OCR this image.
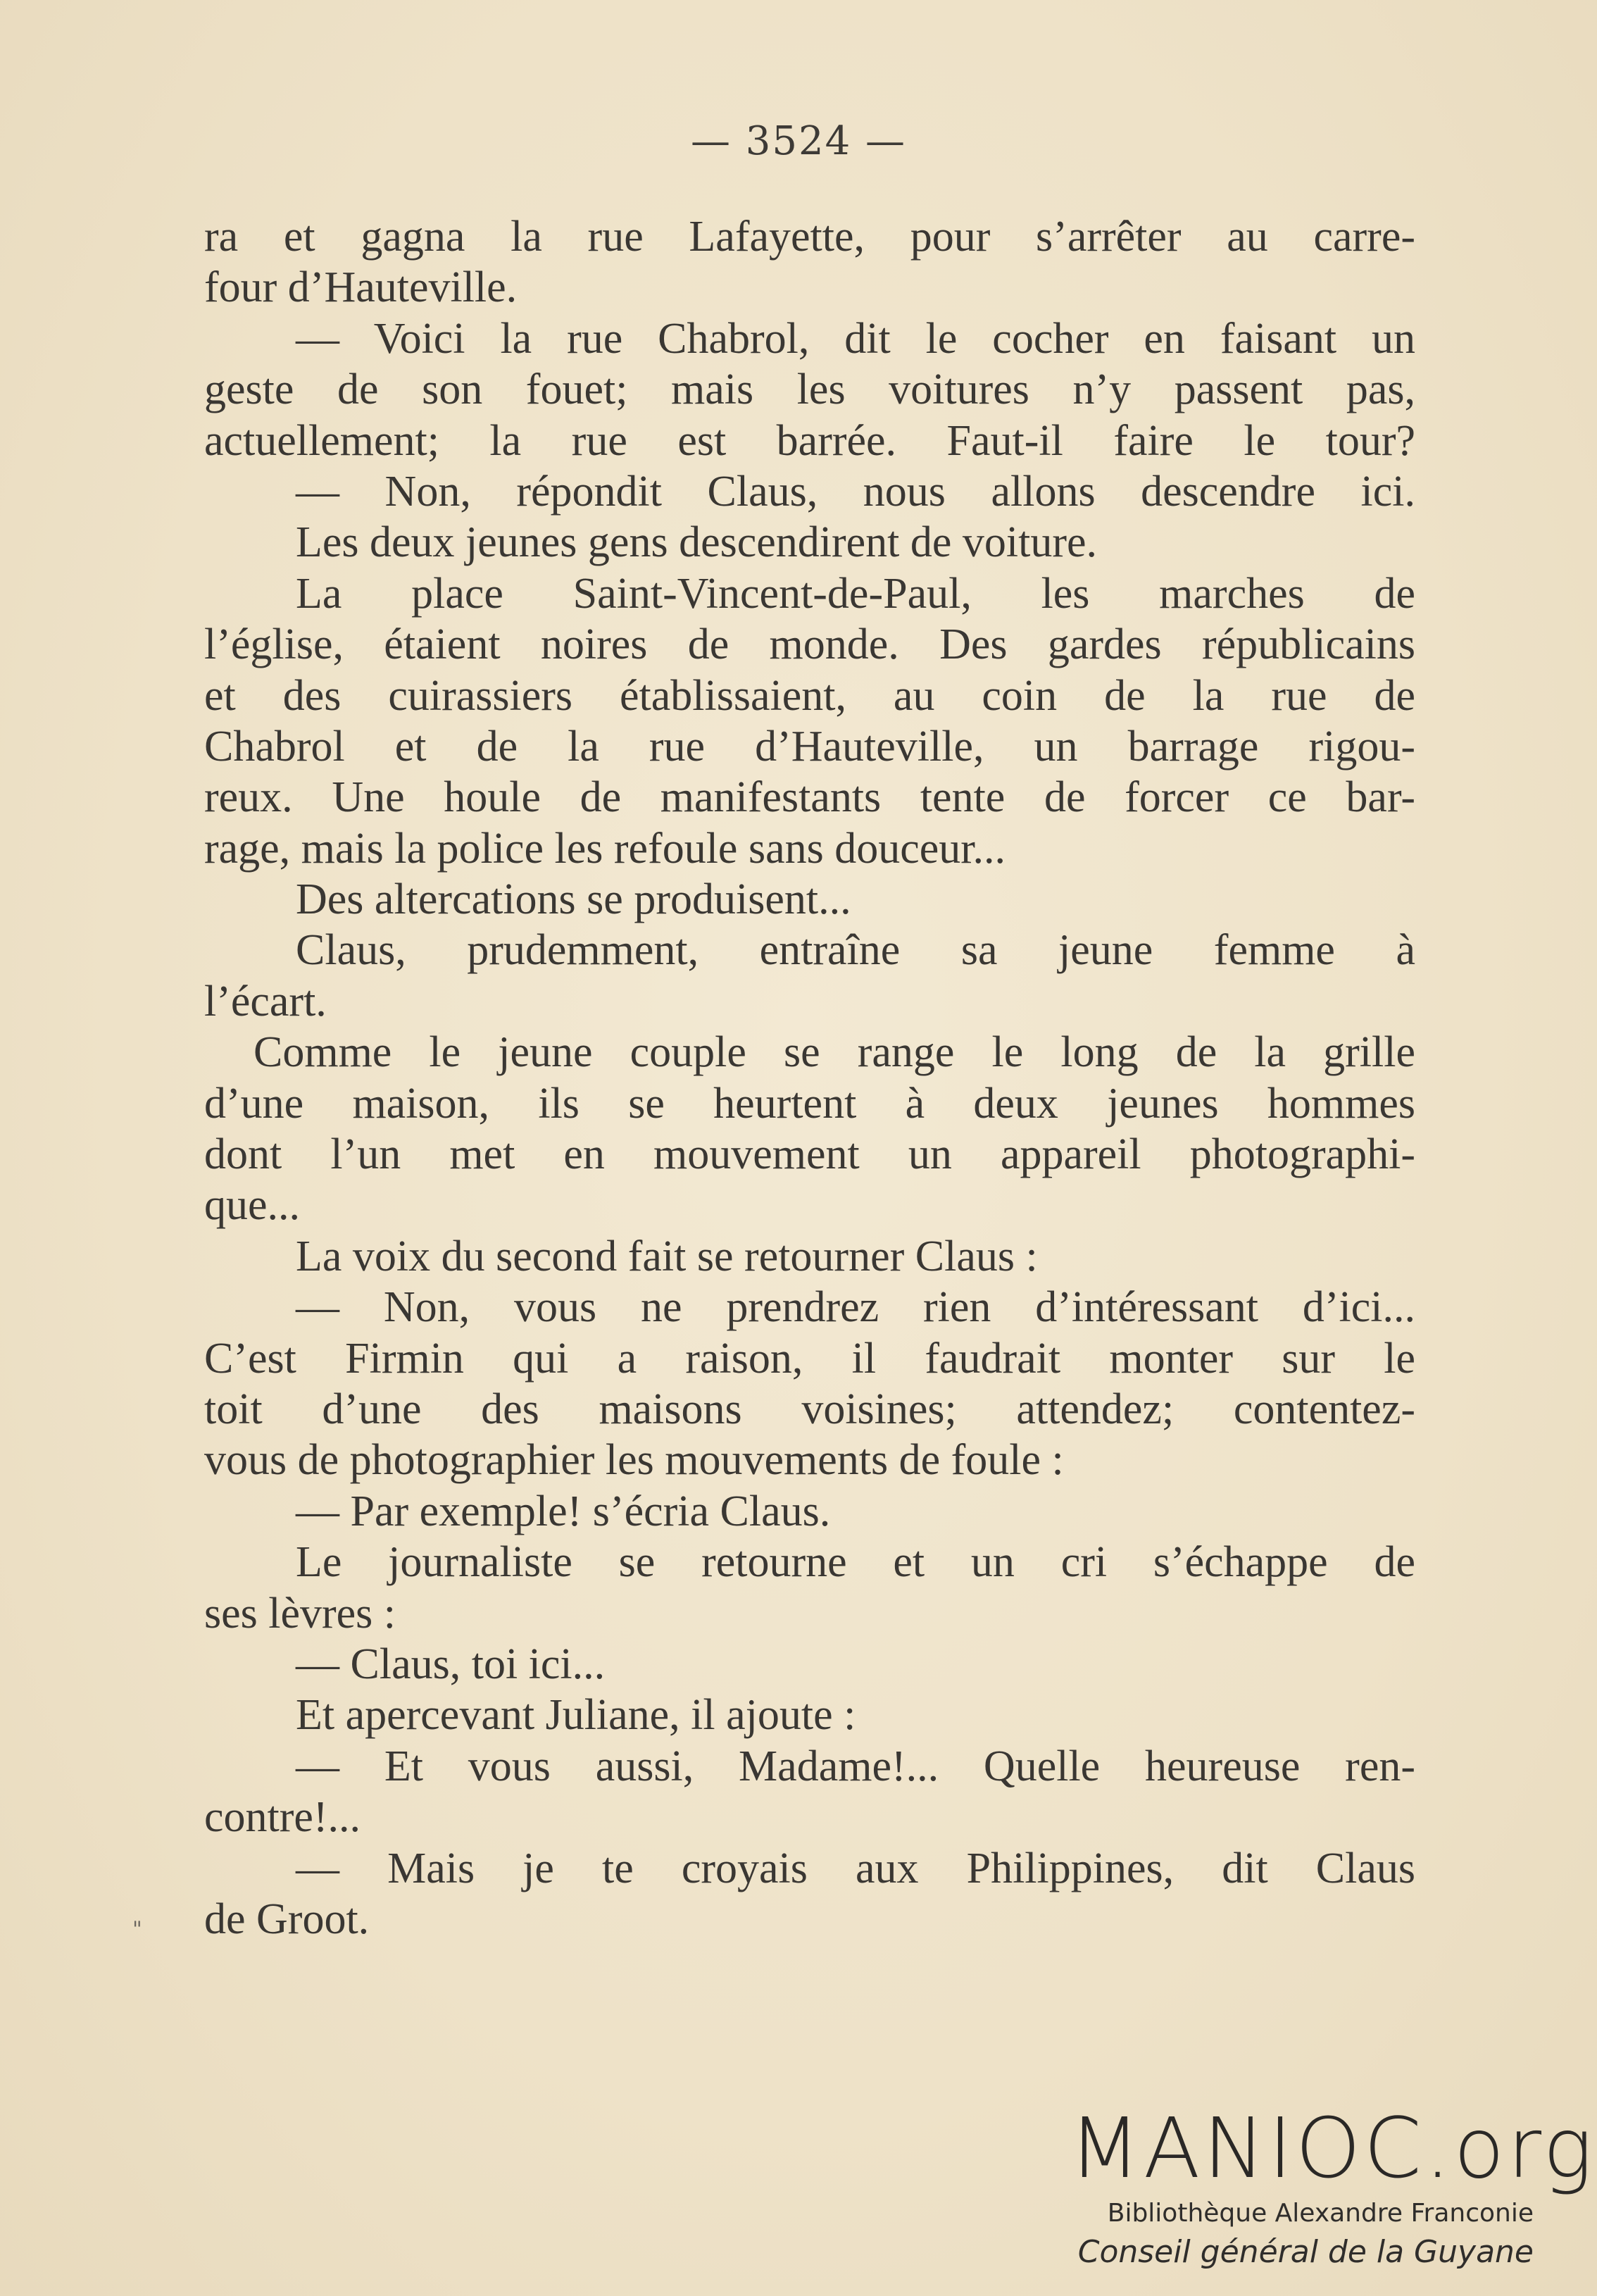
— 3524 —
ra et gagna la rue Lafayette, pour s’arrêter au carre-
four d’Hauteville.
— Voici la rue Chabrol, dit le cocher en faisant un
geste de son fouet; mais les voitures n’y passent pas,
actuellement; la rue est barrée. Faut-il faire le tour?
— Non, répondit Claus, nous allons descendre ici.
Les deux jeunes gens descendirent de voiture.
La place Saint-Vincent-de-Paul, les marches de
l’église, étaient noires de monde. Des gardes républicains
et des cuirassiers établissaient, au coin de la rue de
Chabrol et de la rue d’Hauteville, un barrage rigou-
reux. Une houle de manifestants tente de forcer ce bar-
rage, mais la police les refoule sans douceur...
Des altercations se produisent...
Claus, prudemment, entraîne sa jeune femme à
l’écart.
Comme le jeune couple se range le long de la grille
d’une maison, ils se heurtent à deux jeunes hommes
dont l’un met en mouvement un appareil photographi-
que...
La voix du second fait se retourner Claus :
— Non, vous ne prendrez rien d’intéressant d’ici...
C’est Firmin qui a raison, il faudrait monter sur le
toit d’une des maisons voisines; attendez; contentez-
vous de photographier les mouvements de foule :
— Par exemple! s’écria Claus.
Le journaliste se retourne et un cri s’échappe de
ses lèvres :
— Claus, toi ici...
Et apercevant Juliane, il ajoute :
— Et vous aussi, Madame!... Quelle heureuse ren-
contre!...
— Mais je te croyais aux Philippines, dit Claus
de Groot.
"
MANIOC.org
Bibliothèque Alexandre Franconie
Conseil général de la Guyane
